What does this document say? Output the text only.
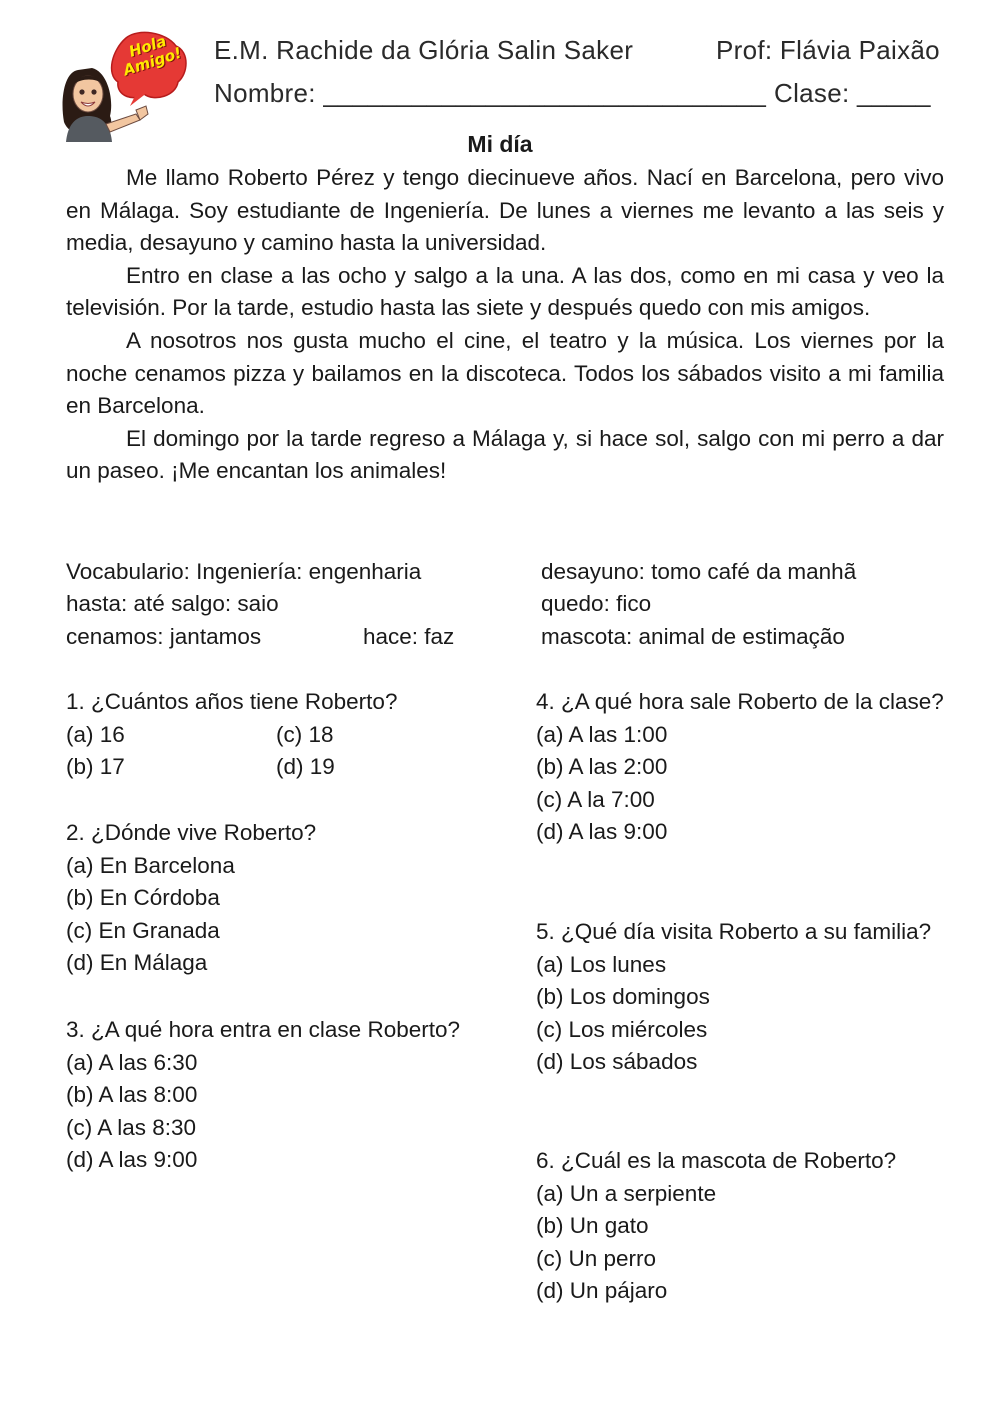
Hola Amigo! E.M. Rachide da Glória Salin Saker	Prof: Flávia Paixão
Nombre: ______________________________ Clase: _____
Mi día

Me llamo Roberto Pérez y tengo diecinueve años. Nací en Barcelona, pero vivo en Málaga. Soy estudiante de Ingeniería. De lunes a viernes me levanto a las seis y media, desayuno y camino hasta la universidad.

Entro en clase a las ocho y salgo a la una. A las dos, como en mi casa y veo la televisión. Por la tarde, estudio hasta las siete y después quedo con mis amigos.

A nosotros nos gusta mucho el cine, el teatro y la música. Los viernes por la noche cenamos pizza y bailamos en la discoteca. Todos los sábados visito a mi familia en Barcelona.

El domingo por la tarde regreso a Málaga y, si hace sol, salgo con mi perro a dar un paseo. ¡Me encantan los animales!

Vocabulario: Ingeniería: engenharia	desayuno: tomo café da manhã
hasta: até salgo: saio	quedo: fico
cenamos: jantamos	hace: faz	mascota: animal de estimação
1. ¿Cuántos años tiene Roberto?
(a) 16	(c) 18
(b) 17	(d) 19
2. ¿Dónde vive Roberto?
(a) En Barcelona
(b) En Córdoba
(c) En Granada
(d) En Málaga
3. ¿A qué hora entra en clase Roberto?
(a) A las 6:30
(b) A las 8:00
(c) A las 8:30
(d) A las 9:00
4. ¿A qué hora sale Roberto de la clase?
(a) A las 1:00
(b) A las 2:00
(c) A la 7:00
(d) A las 9:00
5. ¿Qué día visita Roberto a su familia?
(a) Los lunes
(b) Los domingos
(c) Los miércoles
(d) Los sábados
6. ¿Cuál es la mascota de Roberto?
(a) Un a serpiente
(b) Un gato
(c) Un perro
(d) Un pájaro
